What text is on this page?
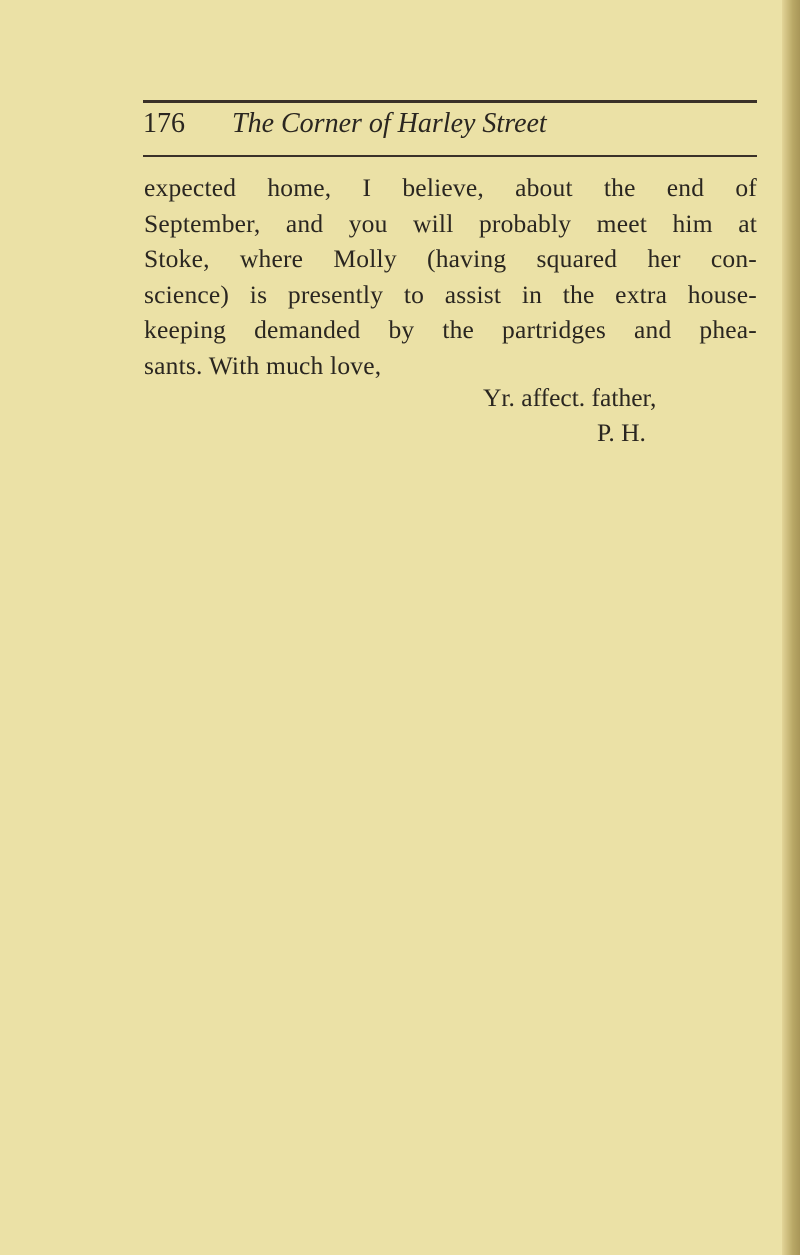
176 The Corner of Harley Street
expected home, I believe, about the end of
September, and you will probably meet him at
Stoke, where Molly (having squared her con-
science) is presently to assist in the extra house-
keeping demanded by the partridges and phea-
sants. With much love,
Yr. affect. father,
P. H.
